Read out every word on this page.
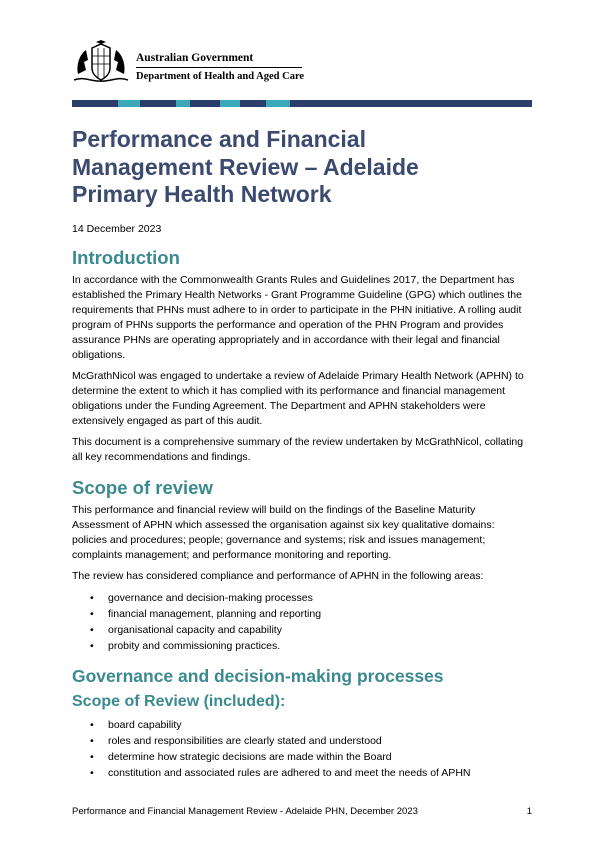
Australian Government
Department of Health and Aged Care
Performance and Financial Management Review – Adelaide Primary Health Network
14 December 2023
Introduction

In accordance with the Commonwealth Grants Rules and Guidelines 2017, the Department has established the Primary Health Networks - Grant Programme Guideline (GPG) which outlines the requirements that PHNs must adhere to in order to participate in the PHN initiative. A rolling audit program of PHNs supports the performance and operation of the PHN Program and provides assurance PHNs are operating appropriately and in accordance with their legal and financial obligations.

McGrathNicol was engaged to undertake a review of Adelaide Primary Health Network (APHN) to determine the extent to which it has complied with its performance and financial management obligations under the Funding Agreement. The Department and APHN stakeholders were extensively engaged as part of this audit.

This document is a comprehensive summary of the review undertaken by McGrathNicol, collating all key recommendations and findings.

Scope of review

This performance and financial review will build on the findings of the Baseline Maturity Assessment of APHN which assessed the organisation against six key qualitative domains: policies and procedures; people; governance and systems; risk and issues management; complaints management; and performance monitoring and reporting.

The review has considered compliance and performance of APHN in the following areas:

• governance and decision-making processes
• financial management, planning and reporting
• organisational capacity and capability
• probity and commissioning practices.
Governance and decision-making processes
Scope of Review (included):
• board capability
• roles and responsibilities are clearly stated and understood
• determine how strategic decisions are made within the Board
• constitution and associated rules are adhered to and meet the needs of APHN
Performance and Financial Management Review - Adelaide PHN, December 2023	1
